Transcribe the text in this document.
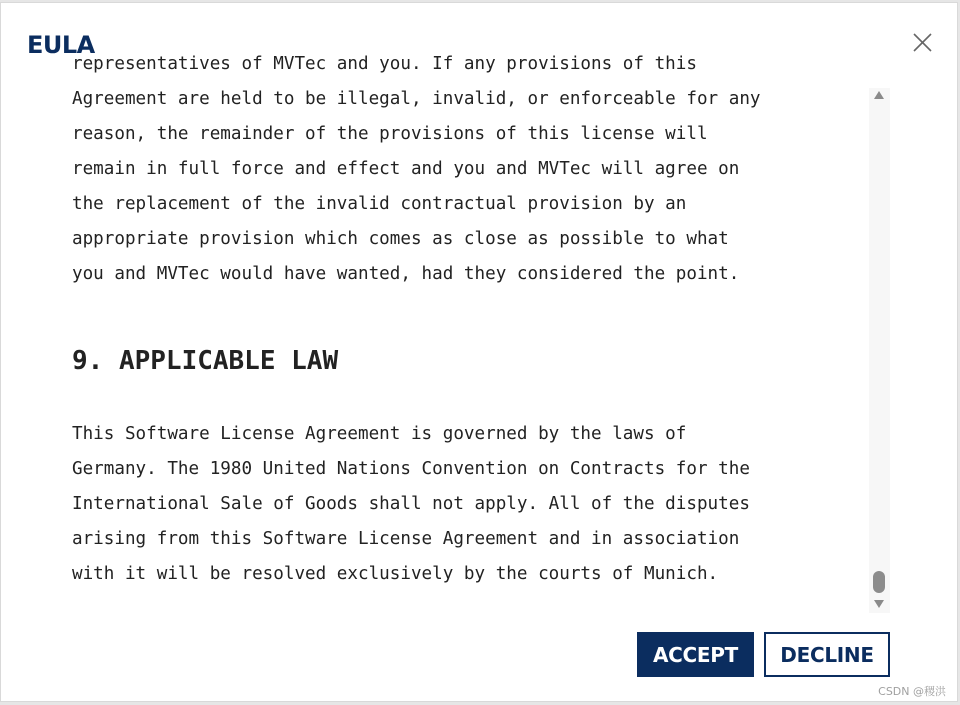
EULA

representatives of MVTec and you. If any provisions of this

Agreement are held to be illegal, invalid, or enforceable for any
reason, the remainder of the provisions of this license will
remain in full force and effect and you and MVTec will agree on
the replacement of the invalid contractual provision by an
appropriate provision which comes as close as possible to what
you and MVTec would have wanted, had they considered the point.

9. APPLICABLE LAW

This Software License Agreement is governed by the laws of
Germany. The 1980 United Nations Convention on Contracts for the
International Sale of Goods shall not apply. All of the disputes
arising from this Software License Agreement and in association
with it will be resolved exclusively by the courts of Munich.

ACCEPT	DECLINE
CSDN @稷洪
